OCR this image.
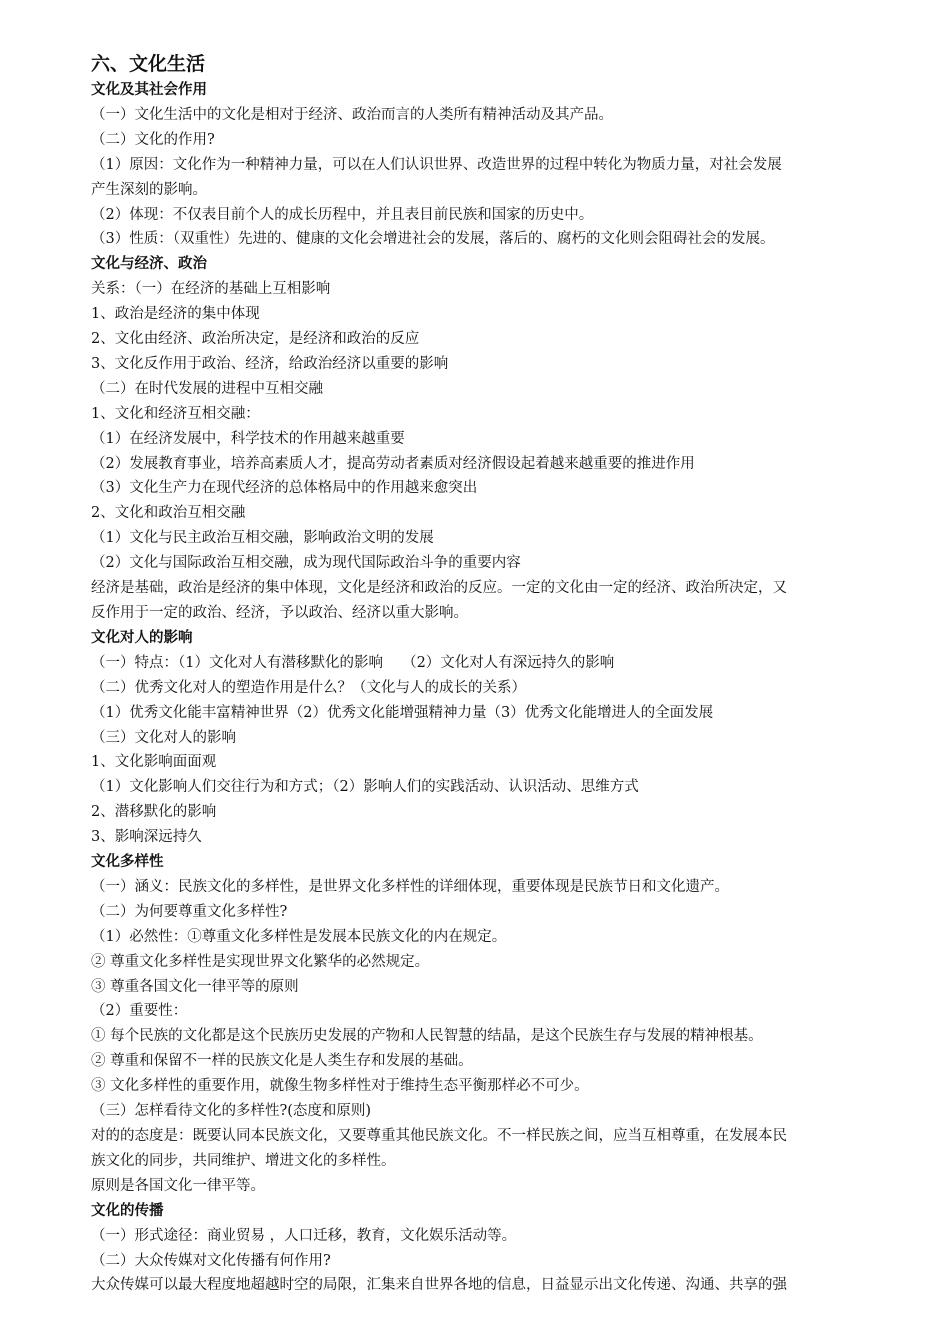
六、文化生活
文化及其社会作用
（一）文化生活中的文化是相对于经济、政治而言的人类所有精神活动及其产品。
（二）文化的作用?
（1）原因：文化作为一种精神力量，可以在人们认识世界、改造世界的过程中转化为物质力量，对社会发展
产生深刻的影响。
（2）体现：不仅表目前个人的成长历程中，并且表目前民族和国家的历史中。
（3）性质：（双重性）先进的、健康的文化会增进社会的发展，落后的、腐朽的文化则会阻碍社会的发展。
文化与经济、政治
关系：（一）在经济的基础上互相影响
1、政治是经济的集中体现
2、文化由经济、政治所决定，是经济和政治的反应
3、文化反作用于政治、经济，给政治经济以重要的影响
（二）在时代发展的进程中互相交融
1、文化和经济互相交融：
（1）在经济发展中，科学技术的作用越来越重要
（2）发展教育事业，培养高素质人才，提高劳动者素质对经济假设起着越来越重要的推进作用
（3）文化生产力在现代经济的总体格局中的作用越来愈突出
2、文化和政治互相交融
（1）文化与民主政治互相交融，影响政治文明的发展
（2）文化与国际政治互相交融，成为现代国际政治斗争的重要内容
经济是基础，政治是经济的集中体现，文化是经济和政治的反应。一定的文化由一定的经济、政治所决定，又
反作用于一定的政治、经济，予以政治、经济以重大影响。
文化对人的影响
（一）特点：（1）文化对人有潜移默化的影响　 （2）文化对人有深远持久的影响
（二）优秀文化对人的塑造作用是什么？（文化与人的成长的关系）
（1）优秀文化能丰富精神世界（2）优秀文化能增强精神力量（3）优秀文化能增进人的全面发展
（三）文化对人的影响
1、文化影响面面观
（1）文化影响人们交往行为和方式；（2）影响人们的实践活动、认识活动、思维方式
2、潜移默化的影响
3、影响深远持久
文化多样性
（一）涵义：民族文化的多样性，是世界文化多样性的详细体现，重要体现是民族节日和文化遗产。
（二）为何要尊重文化多样性?
（1）必然性：①尊重文化多样性是发展本民族文化的内在规定。
② 尊重文化多样性是实现世界文化繁华的必然规定。
③ 尊重各国文化一律平等的原则
（2）重要性：
① 每个民族的文化都是这个民族历史发展的产物和人民智慧的结晶，是这个民族生存与发展的精神根基。
② 尊重和保留不一样的民族文化是人类生存和发展的基础。
③ 文化多样性的重要作用，就像生物多样性对于维持生态平衡那样必不可少。
（三）怎样看待文化的多样性?(态度和原则)
对的的态度是：既要认同本民族文化，又要尊重其他民族文化。不一样民族之间，应当互相尊重，在发展本民
族文化的同步，共同维护、增进文化的多样性。
原则是各国文化一律平等。
文化的传播
（一）形式途径：商业贸易 ，人口迁移，教育，文化娱乐活动等。
（二）大众传媒对文化传播有何作用?
大众传媒可以最大程度地超越时空的局限，汇集来自世界各地的信息，日益显示出文化传递、沟通、共享的强
